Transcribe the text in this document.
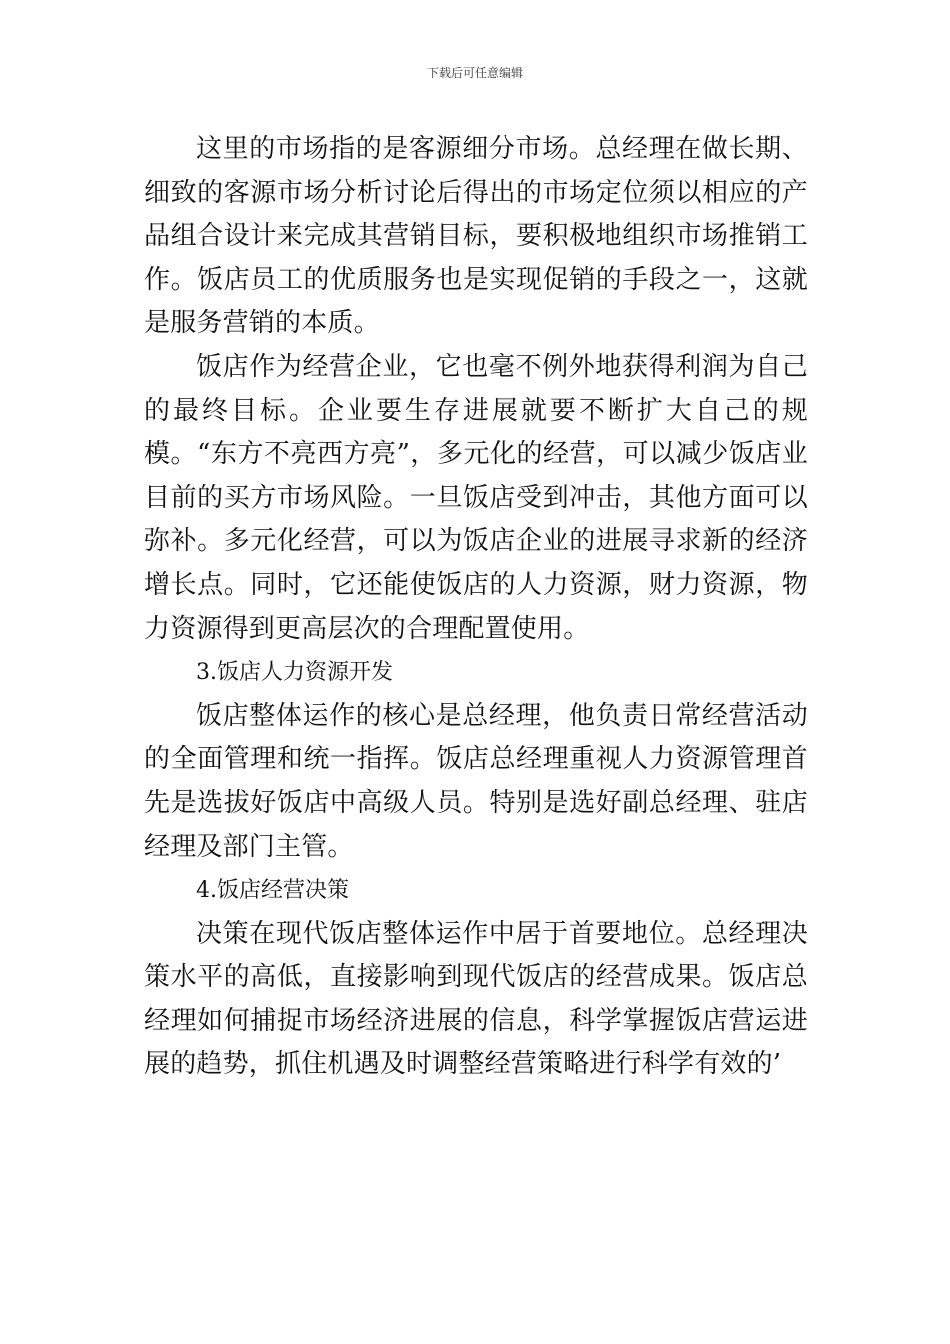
下载后可任意编辑

这里的市场指的是客源细分市场。总经理在做长期、细致的客源市场分析讨论后得出的市场定位须以相应的产品组合设计来完成其营销目标，要积极地组织市场推销工作。饭店员工的优质服务也是实现促销的手段之一，这就是服务营销的本质。

饭店作为经营企业，它也毫不例外地获得利润为自己的最终目标。企业要生存进展就要不断扩大自己的规模。“东方不亮西方亮”，多元化的经营，可以减少饭店业目前的买方市场风险。一旦饭店受到冲击，其他方面可以弥补。多元化经营，可以为饭店企业的进展寻求新的经济增长点。同时，它还能使饭店的人力资源，财力资源，物力资源得到更高层次的合理配置使用。

3.饭店人力资源开发

饭店整体运作的核心是总经理，他负责日常经营活动的全面管理和统一指挥。饭店总经理重视人力资源管理首先是选拔好饭店中高级人员。特别是选好副总经理、驻店经理及部门主管。

4.饭店经营决策

决策在现代饭店整体运作中居于首要地位。总经理决策水平的高低，直接影响到现代饭店的经营成果。饭店总经理如何捕捉市场经济进展的信息，科学掌握饭店营运进展的趋势，抓住机遇及时调整经营策略进行科学有效的’
